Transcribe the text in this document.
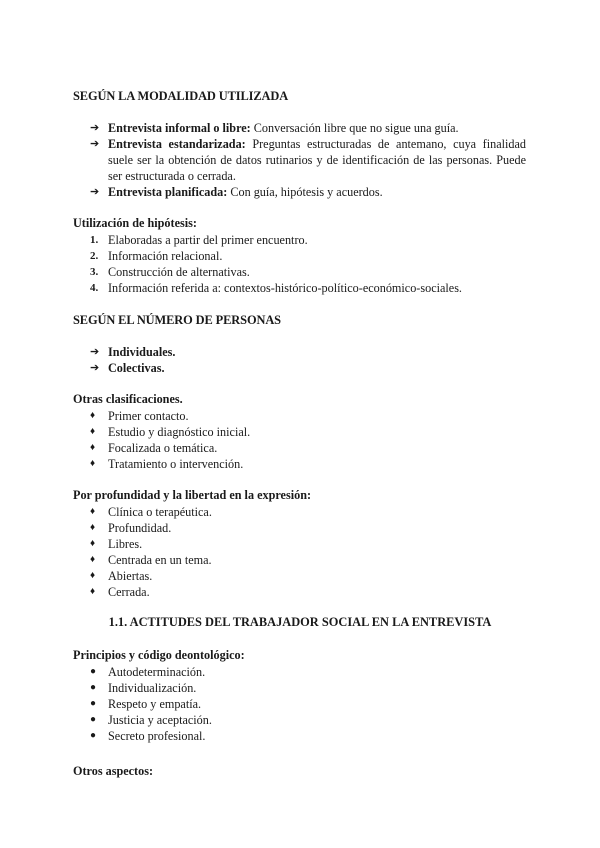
SEGÚN LA MODALIDAD UTILIZADA
➔ Entrevista informal o libre: Conversación libre que no sigue una guía.
➔ Entrevista estandarizada: Preguntas estructuradas de antemano, cuya finalidad suele ser la obtención de datos rutinarios y de identificación de las personas. Puede ser estructurada o cerrada.
➔ Entrevista planificada: Con guía, hipótesis y acuerdos.
Utilización de hipótesis:
1. Elaboradas a partir del primer encuentro.
2. Información relacional.
3. Construcción de alternativas.
4. Información referida a: contextos-histórico-político-económico-sociales.
SEGÚN EL NÚMERO DE PERSONAS
➔ Individuales.
➔ Colectivas.
Otras clasificaciones.
♦ Primer contacto.
♦ Estudio y diagnóstico inicial.
♦ Focalizada o temática.
♦ Tratamiento o intervención.
Por profundidad y la libertad en la expresión:
♦ Clínica o terapéutica.
♦ Profundidad.
♦ Libres.
♦ Centrada en un tema.
♦ Abiertas.
♦ Cerrada.
1.1. ACTITUDES DEL TRABAJADOR SOCIAL EN LA ENTREVISTA
Principios y código deontológico:
● Autodeterminación.
● Individualización.
● Respeto y empatía.
● Justicia y aceptación.
● Secreto profesional.
Otros aspectos:
